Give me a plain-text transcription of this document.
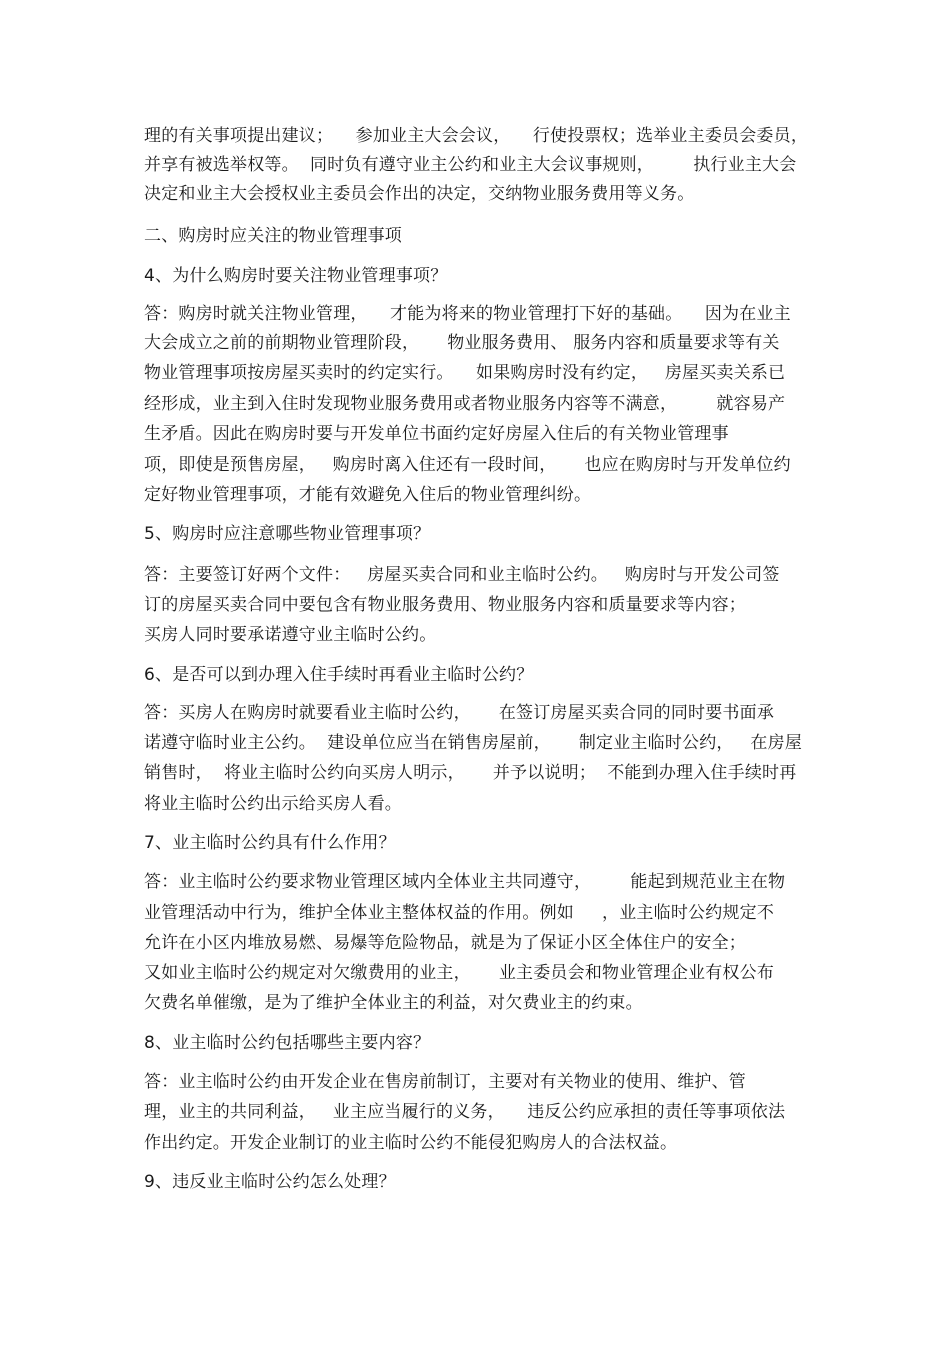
理的有关事项提出建议；    参加业主大会会议，    行使投票权；选举业主委员会委员，
并享有被选举权等。  同时负有遵守业主公约和业主大会议事规则，       执行业主大会
决定和业主大会授权业主委员会作出的决定，交纳物业服务费用等义务。
二、购房时应关注的物业管理事项
4、为什么购房时要关注物业管理事项？
答：购房时就关注物业管理，    才能为将来的物业管理打下好的基础。    因为在业主
大会成立之前的前期物业管理阶段，     物业服务费用、 服务内容和质量要求等有关
物业管理事项按房屋买卖时的约定实行。    如果购房时没有约定，   房屋买卖关系已
经形成，业主到入住时发现物业服务费用或者物业服务内容等不满意，       就容易产
生矛盾。因此在购房时要与开发单位书面约定好房屋入住后的有关物业管理事
项，即使是预售房屋，   购房时离入住还有一段时间，     也应在购房时与开发单位约
定好物业管理事项，才能有效避免入住后的物业管理纠纷。
5、购房时应注意哪些物业管理事项？
答：主要签订好两个文件：   房屋买卖合同和业主临时公约。   购房时与开发公司签
订的房屋买卖合同中要包含有物业服务费用、物业服务内容和质量要求等内容；
买房人同时要承诺遵守业主临时公约。
6、是否可以到办理入住手续时再看业主临时公约？
答：买房人在购房时就要看业主临时公约，     在签订房屋买卖合同的同时要书面承
诺遵守临时业主公约。  建设单位应当在销售房屋前，     制定业主临时公约，   在房屋
销售时，  将业主临时公约向买房人明示，     并予以说明；  不能到办理入住手续时再
将业主临时公约出示给买房人看。
7、业主临时公约具有什么作用？
答：业主临时公约要求物业管理区域内全体业主共同遵守，       能起到规范业主在物
业管理活动中行为，维护全体业主整体权益的作用。例如     ，业主临时公约规定不
允许在小区内堆放易燃、易爆等危险物品，就是为了保证小区全体住户的安全；
又如业主临时公约规定对欠缴费用的业主，     业主委员会和物业管理企业有权公布
欠费名单催缴，是为了维护全体业主的利益，对欠费业主的约束。
8、业主临时公约包括哪些主要内容？
答：业主临时公约由开发企业在售房前制订，主要对有关物业的使用、维护、管
理，业主的共同利益，   业主应当履行的义务，    违反公约应承担的责任等事项依法
作出约定。开发企业制订的业主临时公约不能侵犯购房人的合法权益。
9、违反业主临时公约怎么处理？
